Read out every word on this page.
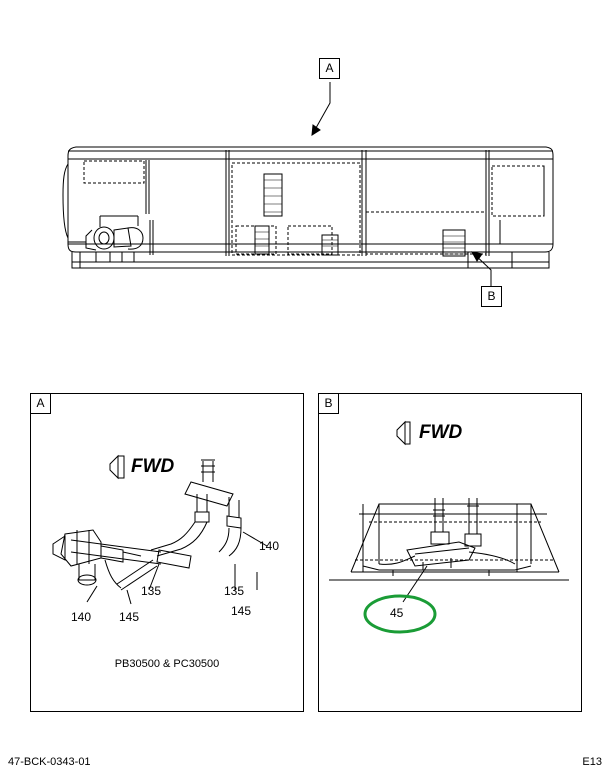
A
B
A
FWD
140
135	135
140 145	145
PB30500 & PC30500
B
FWD
45
47-BCK-0343-01	E13
